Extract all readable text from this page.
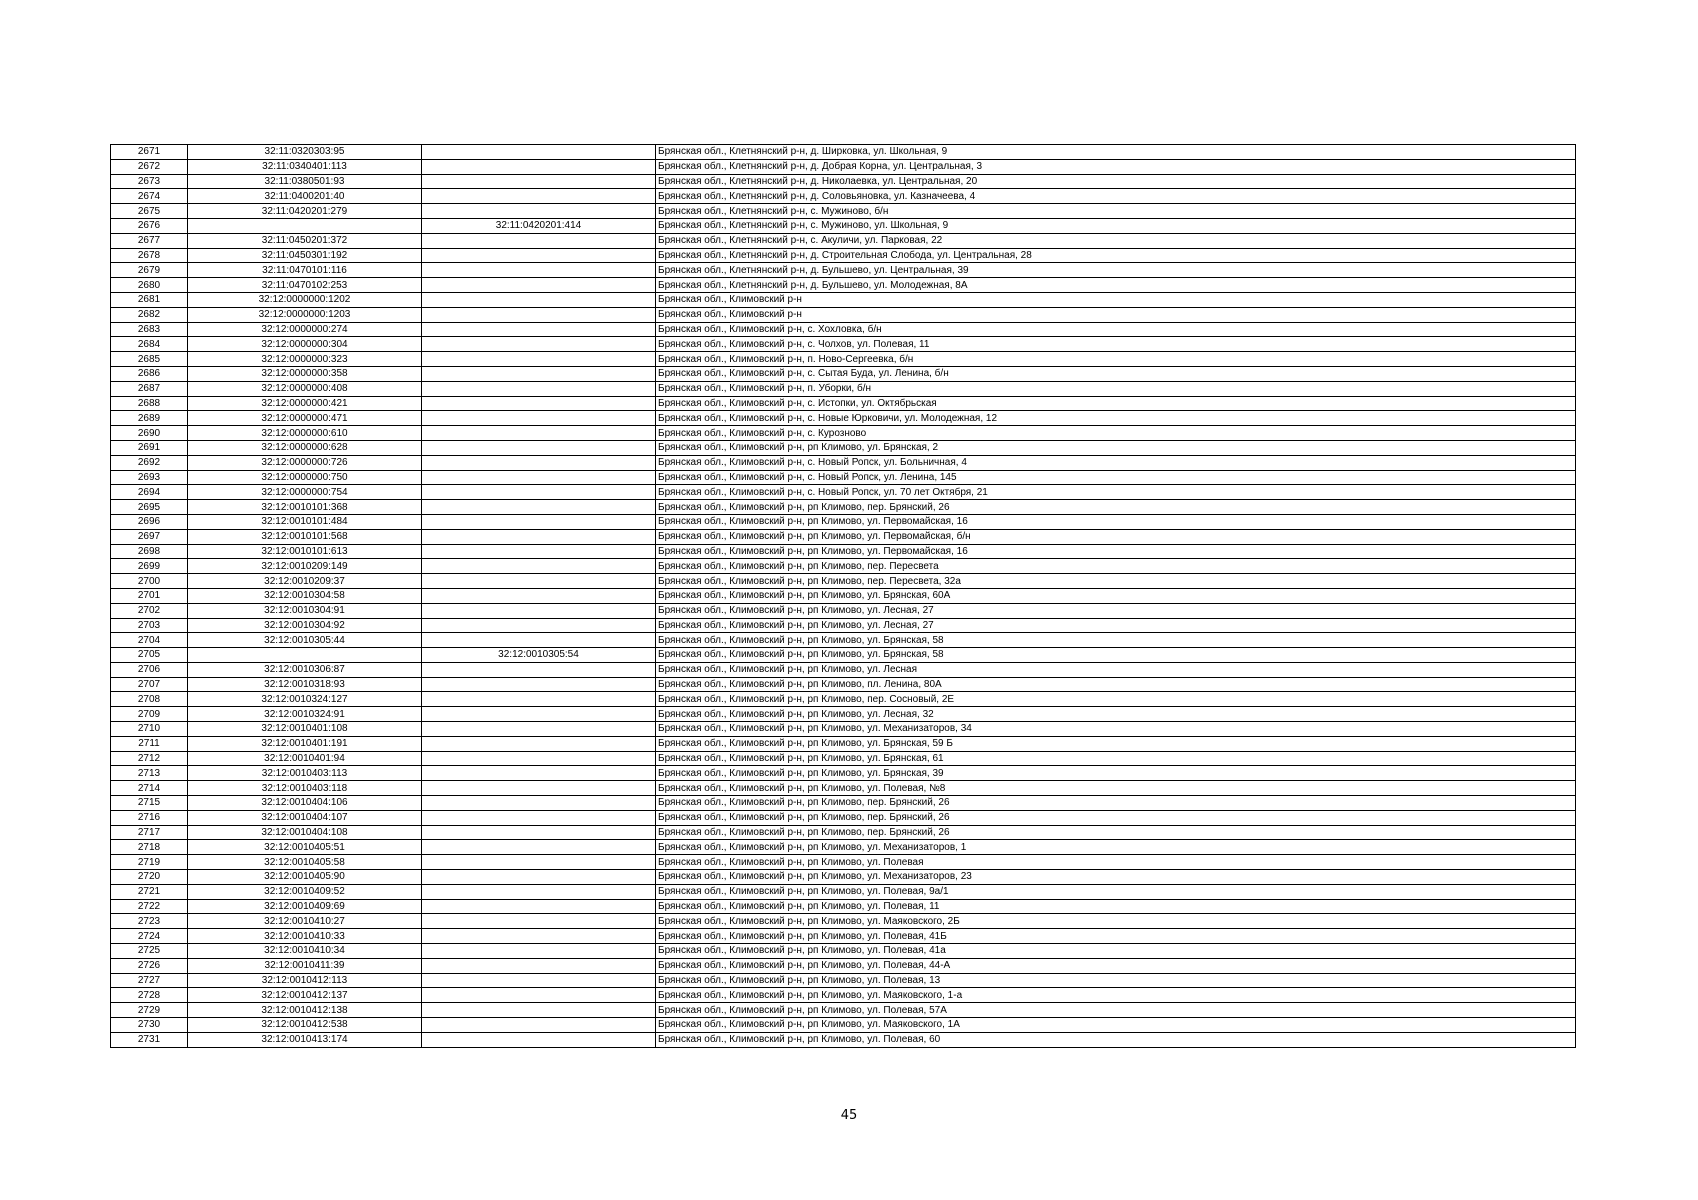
2671	32:11:0320303:95		Брянская обл., Клетнянский р-н, д. Ширковка, ул. Школьная, 9
2672	32:11:0340401:113		Брянская обл., Клетнянский р-н, д. Добрая Корна, ул. Центральная, 3
2673	32:11:0380501:93		Брянская обл., Клетнянский р-н, д. Николаевка, ул. Центральная, 20
2674	32:11:0400201:40		Брянская обл., Клетнянский р-н, д. Соловьяновка, ул. Казначеева, 4
2675	32:11:0420201:279		Брянская обл., Клетнянский р-н, с. Мужиново, б/н
2676		32:11:0420201:414	Брянская обл., Клетнянский р-н, с. Мужиново, ул. Школьная, 9
2677	32:11:0450201:372		Брянская обл., Клетнянский р-н, с. Акуличи, ул. Парковая, 22
2678	32:11:0450301:192		Брянская обл., Клетнянский р-н, д. Строительная Слобода, ул. Центральная, 28
2679	32:11:0470101:116		Брянская обл., Клетнянский р-н, д. Бульшево, ул. Центральная, 39
2680	32:11:0470102:253		Брянская обл., Клетнянский р-н, д. Бульшево, ул. Молодежная, 8А
2681	32:12:0000000:1202		Брянская обл., Климовский р-н
2682	32:12:0000000:1203		Брянская обл., Климовский р-н
2683	32:12:0000000:274		Брянская обл., Климовский р-н, с. Хохловка, б/н
2684	32:12:0000000:304		Брянская обл., Климовский р-н, с. Чолхов, ул. Полевая, 11
2685	32:12:0000000:323		Брянская обл., Климовский р-н, п. Ново-Сергеевка, б/н
2686	32:12:0000000:358		Брянская обл., Климовский р-н, с. Сытая Буда, ул. Ленина, б/н
2687	32:12:0000000:408		Брянская обл., Климовский р-н, п. Уборки, б/н
2688	32:12:0000000:421		Брянская обл., Климовский р-н, с. Истопки, ул. Октябрьская
2689	32:12:0000000:471		Брянская обл., Климовский р-н, с. Новые Юрковичи, ул. Молодежная, 12
2690	32:12:0000000:610		Брянская обл., Климовский р-н, с. Курозново
2691	32:12:0000000:628		Брянская обл., Климовский р-н, рп Климово, ул. Брянская, 2
2692	32:12:0000000:726		Брянская обл., Климовский р-н, с. Новый Ропск, ул. Больничная, 4
2693	32:12:0000000:750		Брянская обл., Климовский р-н, с. Новый Ропск, ул. Ленина, 145
2694	32:12:0000000:754		Брянская обл., Климовский р-н, с. Новый Ропск, ул. 70 лет Октября, 21
2695	32:12:0010101:368		Брянская обл., Климовский р-н, рп Климово, пер. Брянский, 26
2696	32:12:0010101:484		Брянская обл., Климовский р-н, рп Климово, ул. Первомайская, 16
2697	32:12:0010101:568		Брянская обл., Климовский р-н, рп Климово, ул. Первомайская, б/н
2698	32:12:0010101:613		Брянская обл., Климовский р-н, рп Климово, ул. Первомайская, 16
2699	32:12:0010209:149		Брянская обл., Климовский р-н, рп Климово, пер. Пересвета
2700	32:12:0010209:37		Брянская обл., Климовский р-н, рп Климово, пер. Пересвета, 32а
2701	32:12:0010304:58		Брянская обл., Климовский р-н, рп Климово, ул. Брянская, 60А
2702	32:12:0010304:91		Брянская обл., Климовский р-н, рп Климово, ул. Лесная, 27
2703	32:12:0010304:92		Брянская обл., Климовский р-н, рп Климово, ул. Лесная, 27
2704	32:12:0010305:44		Брянская обл., Климовский р-н, рп Климово, ул. Брянская, 58
2705		32:12:0010305:54	Брянская обл., Климовский р-н, рп Климово, ул. Брянская, 58
2706	32:12:0010306:87		Брянская обл., Климовский р-н, рп Климово, ул. Лесная
2707	32:12:0010318:93		Брянская обл., Климовский р-н, рп Климово, пл. Ленина, 80А
2708	32:12:0010324:127		Брянская обл., Климовский р-н, рп Климово, пер. Сосновый, 2Е
2709	32:12:0010324:91		Брянская обл., Климовский р-н, рп Климово, ул. Лесная, 32
2710	32:12:0010401:108		Брянская обл., Климовский р-н, рп Климово, ул. Механизаторов, 34
2711	32:12:0010401:191		Брянская обл., Климовский р-н, рп Климово, ул. Брянская, 59 Б
2712	32:12:0010401:94		Брянская обл., Климовский р-н, рп Климово, ул. Брянская, 61
2713	32:12:0010403:113		Брянская обл., Климовский р-н, рп Климово, ул. Брянская, 39
2714	32:12:0010403:118		Брянская обл., Климовский р-н, рп Климово, ул. Полевая, №8
2715	32:12:0010404:106		Брянская обл., Климовский р-н, рп Климово, пер. Брянский, 26
2716	32:12:0010404:107		Брянская обл., Климовский р-н, рп Климово, пер. Брянский, 26
2717	32:12:0010404:108		Брянская обл., Климовский р-н, рп Климово, пер. Брянский, 26
2718	32:12:0010405:51		Брянская обл., Климовский р-н, рп Климово, ул. Механизаторов, 1
2719	32:12:0010405:58		Брянская обл., Климовский р-н, рп Климово, ул. Полевая
2720	32:12:0010405:90		Брянская обл., Климовский р-н, рп Климово, ул. Механизаторов, 23
2721	32:12:0010409:52		Брянская обл., Климовский р-н, рп Климово, ул. Полевая, 9а/1
2722	32:12:0010409:69		Брянская обл., Климовский р-н, рп Климово, ул. Полевая, 11
2723	32:12:0010410:27		Брянская обл., Климовский р-н, рп Климово, ул. Маяковского, 2Б
2724	32:12:0010410:33		Брянская обл., Климовский р-н, рп Климово, ул. Полевая, 41Б
2725	32:12:0010410:34		Брянская обл., Климовский р-н, рп Климово, ул. Полевая, 41а
2726	32:12:0010411:39		Брянская обл., Климовский р-н, рп Климово, ул. Полевая, 44-А
2727	32:12:0010412:113		Брянская обл., Климовский р-н, рп Климово, ул. Полевая, 13
2728	32:12:0010412:137		Брянская обл., Климовский р-н, рп Климово, ул. Маяковского, 1-а
2729	32:12:0010412:138		Брянская обл., Климовский р-н, рп Климово, ул. Полевая, 57А
2730	32:12:0010412:538		Брянская обл., Климовский р-н, рп Климово, ул. Маяковского, 1А
2731	32:12:0010413:174		Брянская обл., Климовский р-н, рп Климово, ул. Полевая, 60
45
